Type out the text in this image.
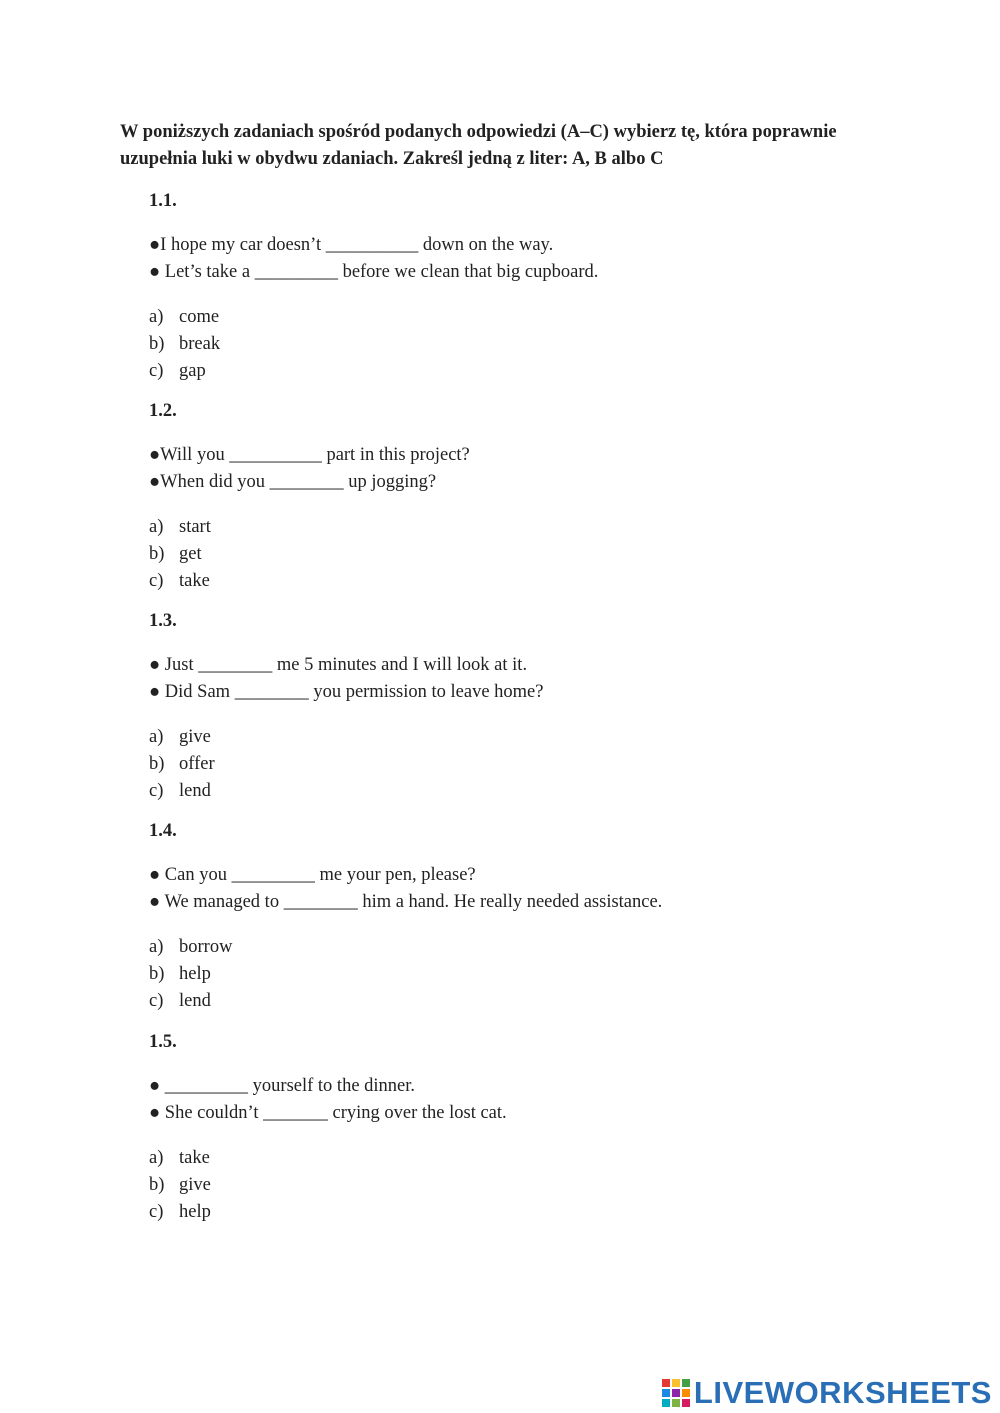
W poniższych zadaniach spośród podanych odpowiedzi (A–C) wybierz tę, która poprawnie uzupełnia luki w obydwu zdaniach. Zakreśl jedną z liter: A, B albo C

1.1.

●I hope my car doesn’t __________ down on the way.

● Let’s take a _________ before we clean that big cupboard.

a) come

b) break

c) gap

1.2.

●Will you __________ part in this project?

●When did you ________ up jogging?

a) start

b) get

c) take

1.3.

● Just ________ me 5 minutes and I will look at it.

● Did Sam ________ you permission to leave home?

a) give

b) offer

c) lend

1.4.

● Can you _________ me your pen, please?

● We managed to ________ him a hand. He really needed assistance.

a) borrow

b) help

c) lend

1.5.

● _________ yourself to the dinner.

● She couldn’t _______ crying over the lost cat.

a) take

b) give

c) help

LIVEWORKSHEETS
